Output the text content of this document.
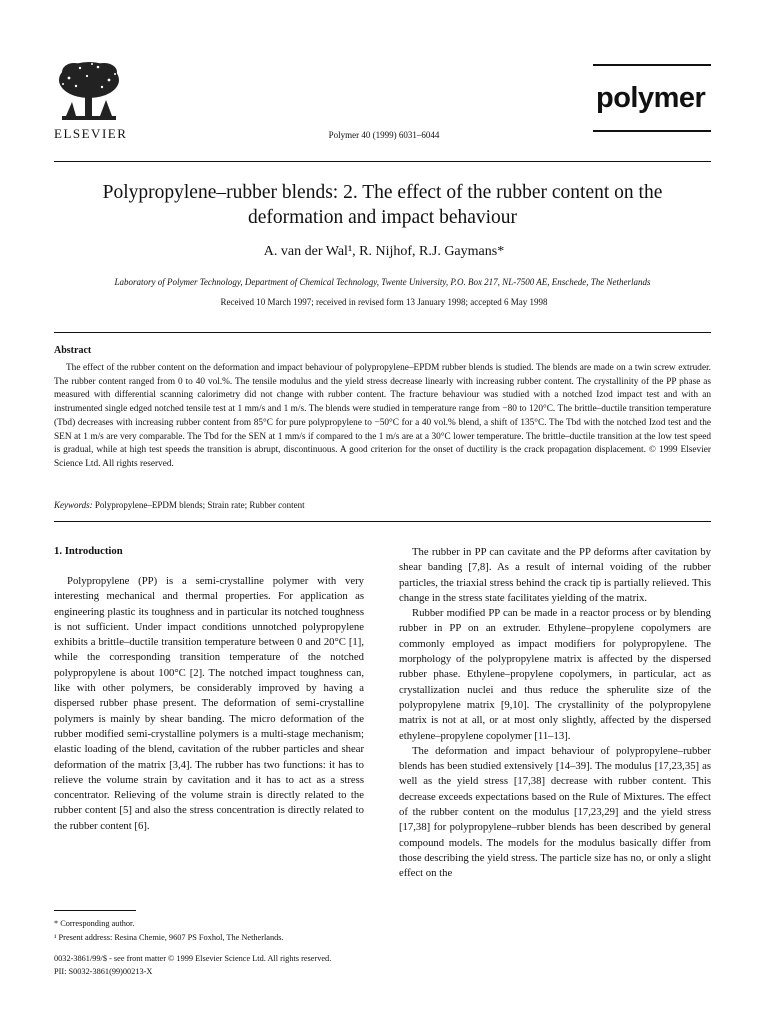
ELSEVIER	Polymer 40 (1999) 6031–6044
polymer
Polypropylene–rubber blends: 2. The effect of the rubber content on the deformation and impact behaviour
A. van der Wal¹, R. Nijhof, R.J. Gaymans*
Laboratory of Polymer Technology, Department of Chemical Technology, Twente University, P.O. Box 217, NL-7500 AE, Enschede, The Netherlands
Received 10 March 1997; received in revised form 13 January 1998; accepted 6 May 1998
Abstract
The effect of the rubber content on the deformation and impact behaviour of polypropylene–EPDM rubber blends is studied. The blends are made on a twin screw extruder. The rubber content ranged from 0 to 40 vol.%. The tensile modulus and the yield stress decrease linearly with increasing rubber content. The crystallinity of the PP phase as measured with differential scanning calorimetry did not change with rubber content. The fracture behaviour was studied with a notched Izod impact test and with an instrumented single edged notched tensile test at 1 mm/s and 1 m/s. The blends were studied in temperature range from −80 to 120°C. The brittle–ductile transition temperature (Tbd) decreases with increasing rubber content from 85°C for pure polypropylene to −50°C for a 40 vol.% blend, a shift of 135°C. The Tbd with the notched Izod test and the SEN at 1 m/s are very comparable. The Tbd for the SEN at 1 mm/s if compared to the 1 m/s are at a 30°C lower temperature. The brittle–ductile transition at the low test speed is gradual, while at high test speeds the transition is abrupt, discontinuous. A good criterion for the onset of ductility is the crack propagation displacement. © 1999 Elsevier Science Ltd. All rights reserved.
Keywords: Polypropylene–EPDM blends; Strain rate; Rubber content
1. Introduction

Polypropylene (PP) is a semi-crystalline polymer with very interesting mechanical and thermal properties. For application as engineering plastic its toughness and in particular its notched toughness is not sufficient. Under impact conditions unnotched polypropylene exhibits a brittle–ductile transition temperature between 0 and 20°C [1], while the corresponding transition temperature of the notched polypropylene is about 100°C [2]. The notched impact toughness can, like with other polymers, be considerably improved by having a dispersed rubber phase present. The deformation of semi-crystalline polymers is mainly by shear banding. The micro deformation of the rubber modified semi-crystalline polymers is a multi-stage mechanism; elastic loading of the blend, cavitation of the rubber particles and shear deformation of the matrix [3,4]. The rubber has two functions: it has to relieve the volume strain by cavitation and it has to act as a stress concentrator. Relieving of the volume strain is directly related to the rubber content [5] and also the stress concentration is directly related to the rubber content [6].

The rubber in PP can cavitate and the PP deforms after cavitation by shear banding [7,8]. As a result of internal voiding of the rubber particles, the triaxial stress behind the crack tip is partially relieved. This change in the stress state facilitates yielding of the matrix.

Rubber modified PP can be made in a reactor process or by blending rubber in PP on an extruder. Ethylene–propylene copolymers are commonly employed as impact modifiers for polypropylene. The morphology of the polypropylene matrix is affected by the dispersed rubber phase. Ethylene–propylene copolymers, in particular, act as crystallization nuclei and thus reduce the spherulite size of the polypropylene matrix [9,10]. The crystallinity of the polypropylene matrix is not at all, or at most only slightly, affected by the dispersed ethylene–propylene copolymer [11–13].

The deformation and impact behaviour of polypropylene–rubber blends has been studied extensively [14–39]. The modulus [17,23,35] as well as the yield stress [17,38] decrease with rubber content. This decrease exceeds expectations based on the Rule of Mixtures. The effect of the rubber content on the modulus [17,23,29] and the yield stress [17,38] for polypropylene–rubber blends has been described by general compound models. The models for the modulus basically differ from those describing the yield stress. The particle size has no, or only a slight effect on the

* Corresponding author.
¹ Present address: Resina Chemie, 9607 PS Foxhol, The Netherlands.
0032-3861/99/$ - see front matter © 1999 Elsevier Science Ltd. All rights reserved.
PII: S0032-3861(99)00213-X
